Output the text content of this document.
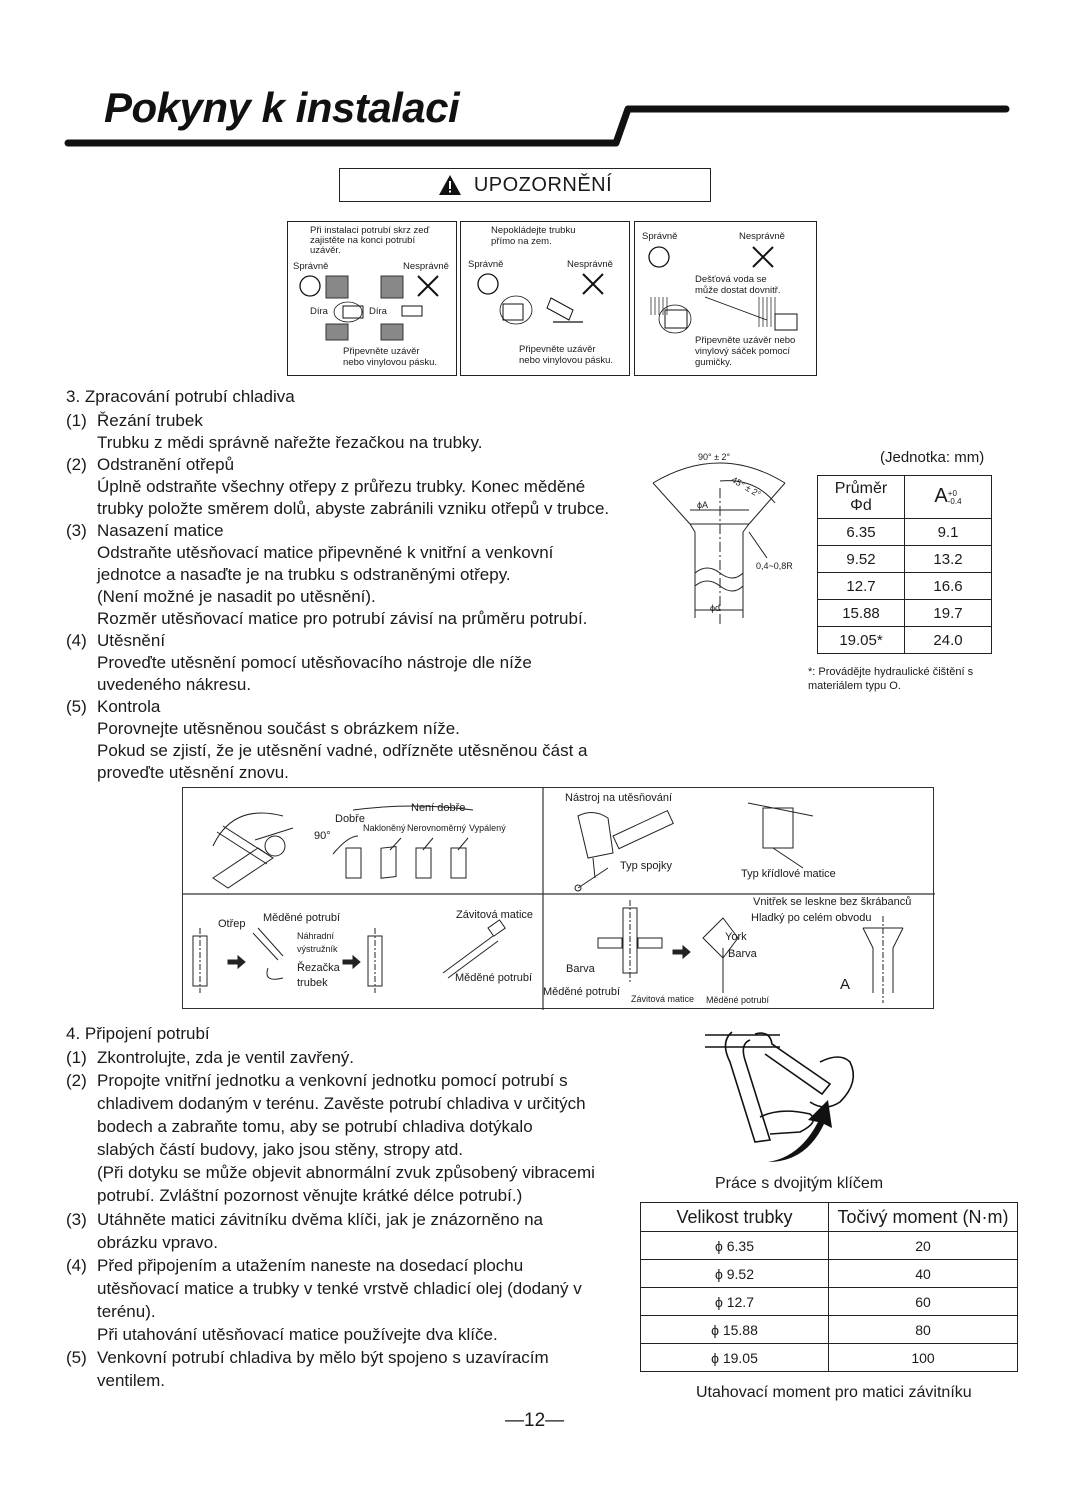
Pokyny k instalaci
UPOZORNĚNÍ
Při instalaci potrubí skrz zeď
zajistěte na konci potrubí
uzávěr.
Správně	Nesprávně
Díra	Díra
Připevněte uzávěr
nebo vinylovou pásku.
Nepokládejte trubku
přímo na zem.
Správně	Nesprávně
Připevněte uzávěr
nebo vinylovou pásku.
Správně	Nesprávně
Dešťová voda se
může dostat dovnitř.
Připevněte uzávěr nebo
vinylový sáček pomocí
gumičky.
3. Zpracování potrubí chladiva
(1) Řezání trubek
Trubku z mědi správně nařežte řezačkou na trubky.
(2) Odstranění otřepů
Úplně odstraňte všechny otřepy z průřezu trubky. Konec měděné
trubky položte směrem dolů, abyste zabránili vzniku otřepů v trubce.
(3) Nasazení matice
Odstraňte utěsňovací matice připevněné k vnitřní a venkovní
jednotce a nasaďte je na trubku s odstraněnými otřepy.
(Není možné je nasadit po utěsnění).
Rozměr utěsňovací matice pro potrubí závisí na průměru potrubí.
(4) Utěsnění
Proveďte utěsnění pomocí utěsňovacího nástroje dle níže
uvedeného nákresu.
(5) Kontrola
Porovnejte utěsněnou součást s obrázkem níže.
Pokud se zjistí, že je utěsnění vadné, odřízněte utěsněnou část a
proveďte utěsnění znovu.
90° ± 2°
45° ± 2°
ϕA
0,4~0,8R
ϕd
(Jednotka: mm)
Průměr
Φd	A+0
-0.4
6.35	9.1
9.52	13.2
12.7	16.6
15.88	19.7
19.05*	24.0
*: Provádějte hydraulické čištění s
materiálem typu O.
Není dobře
Dobře
Nakloněný Nerovnoměrný Vypálený
90°
Nástroj na utěsňování
Typ spojky
Typ křídlové matice
Otřep Měděné potrubí
Náhradní
výstružník
Řezačka
trubek
Závitová matice
Měděné potrubí
Barva
Měděné potrubí
York
Barva
Závitová matice Měděné potrubí
Vnitřek se leskne bez škrábanců
Hladký po celém obvodu
A
4. Připojení potrubí
(1) Zkontrolujte, zda je ventil zavřený.
(2) Propojte vnitřní jednotku a venkovní jednotku pomocí potrubí s
chladivem dodaným v terénu. Zavěste potrubí chladiva v určitých
bodech a zabraňte tomu, aby se potrubí chladiva dotýkalo
slabých částí budovy, jako jsou stěny, stropy atd.
(Při dotyku se může objevit abnormální zvuk způsobený vibracemi
potrubí. Zvláštní pozornost věnujte krátké délce potrubí.)
(3) Utáhněte matici závitníku dvěma klíči, jak je znázorněno na
obrázku vpravo.
(4) Před připojením a utažením naneste na dosedací plochu
utěsňovací matice a trubky v tenké vrstvě chladicí olej (dodaný v
terénu).
Při utahování utěsňovací matice používejte dva klíče.
(5) Venkovní potrubí chladiva by mělo být spojeno s uzavíracím
ventilem.
Práce s dvojitým klíčem
Velikost trubky	Točivý moment (N·m)
ϕ 6.35	20
ϕ 9.52	40
ϕ 12.7	60
ϕ 15.88	80
ϕ 19.05	100
Utahovací moment pro matici závitníku
—12—
